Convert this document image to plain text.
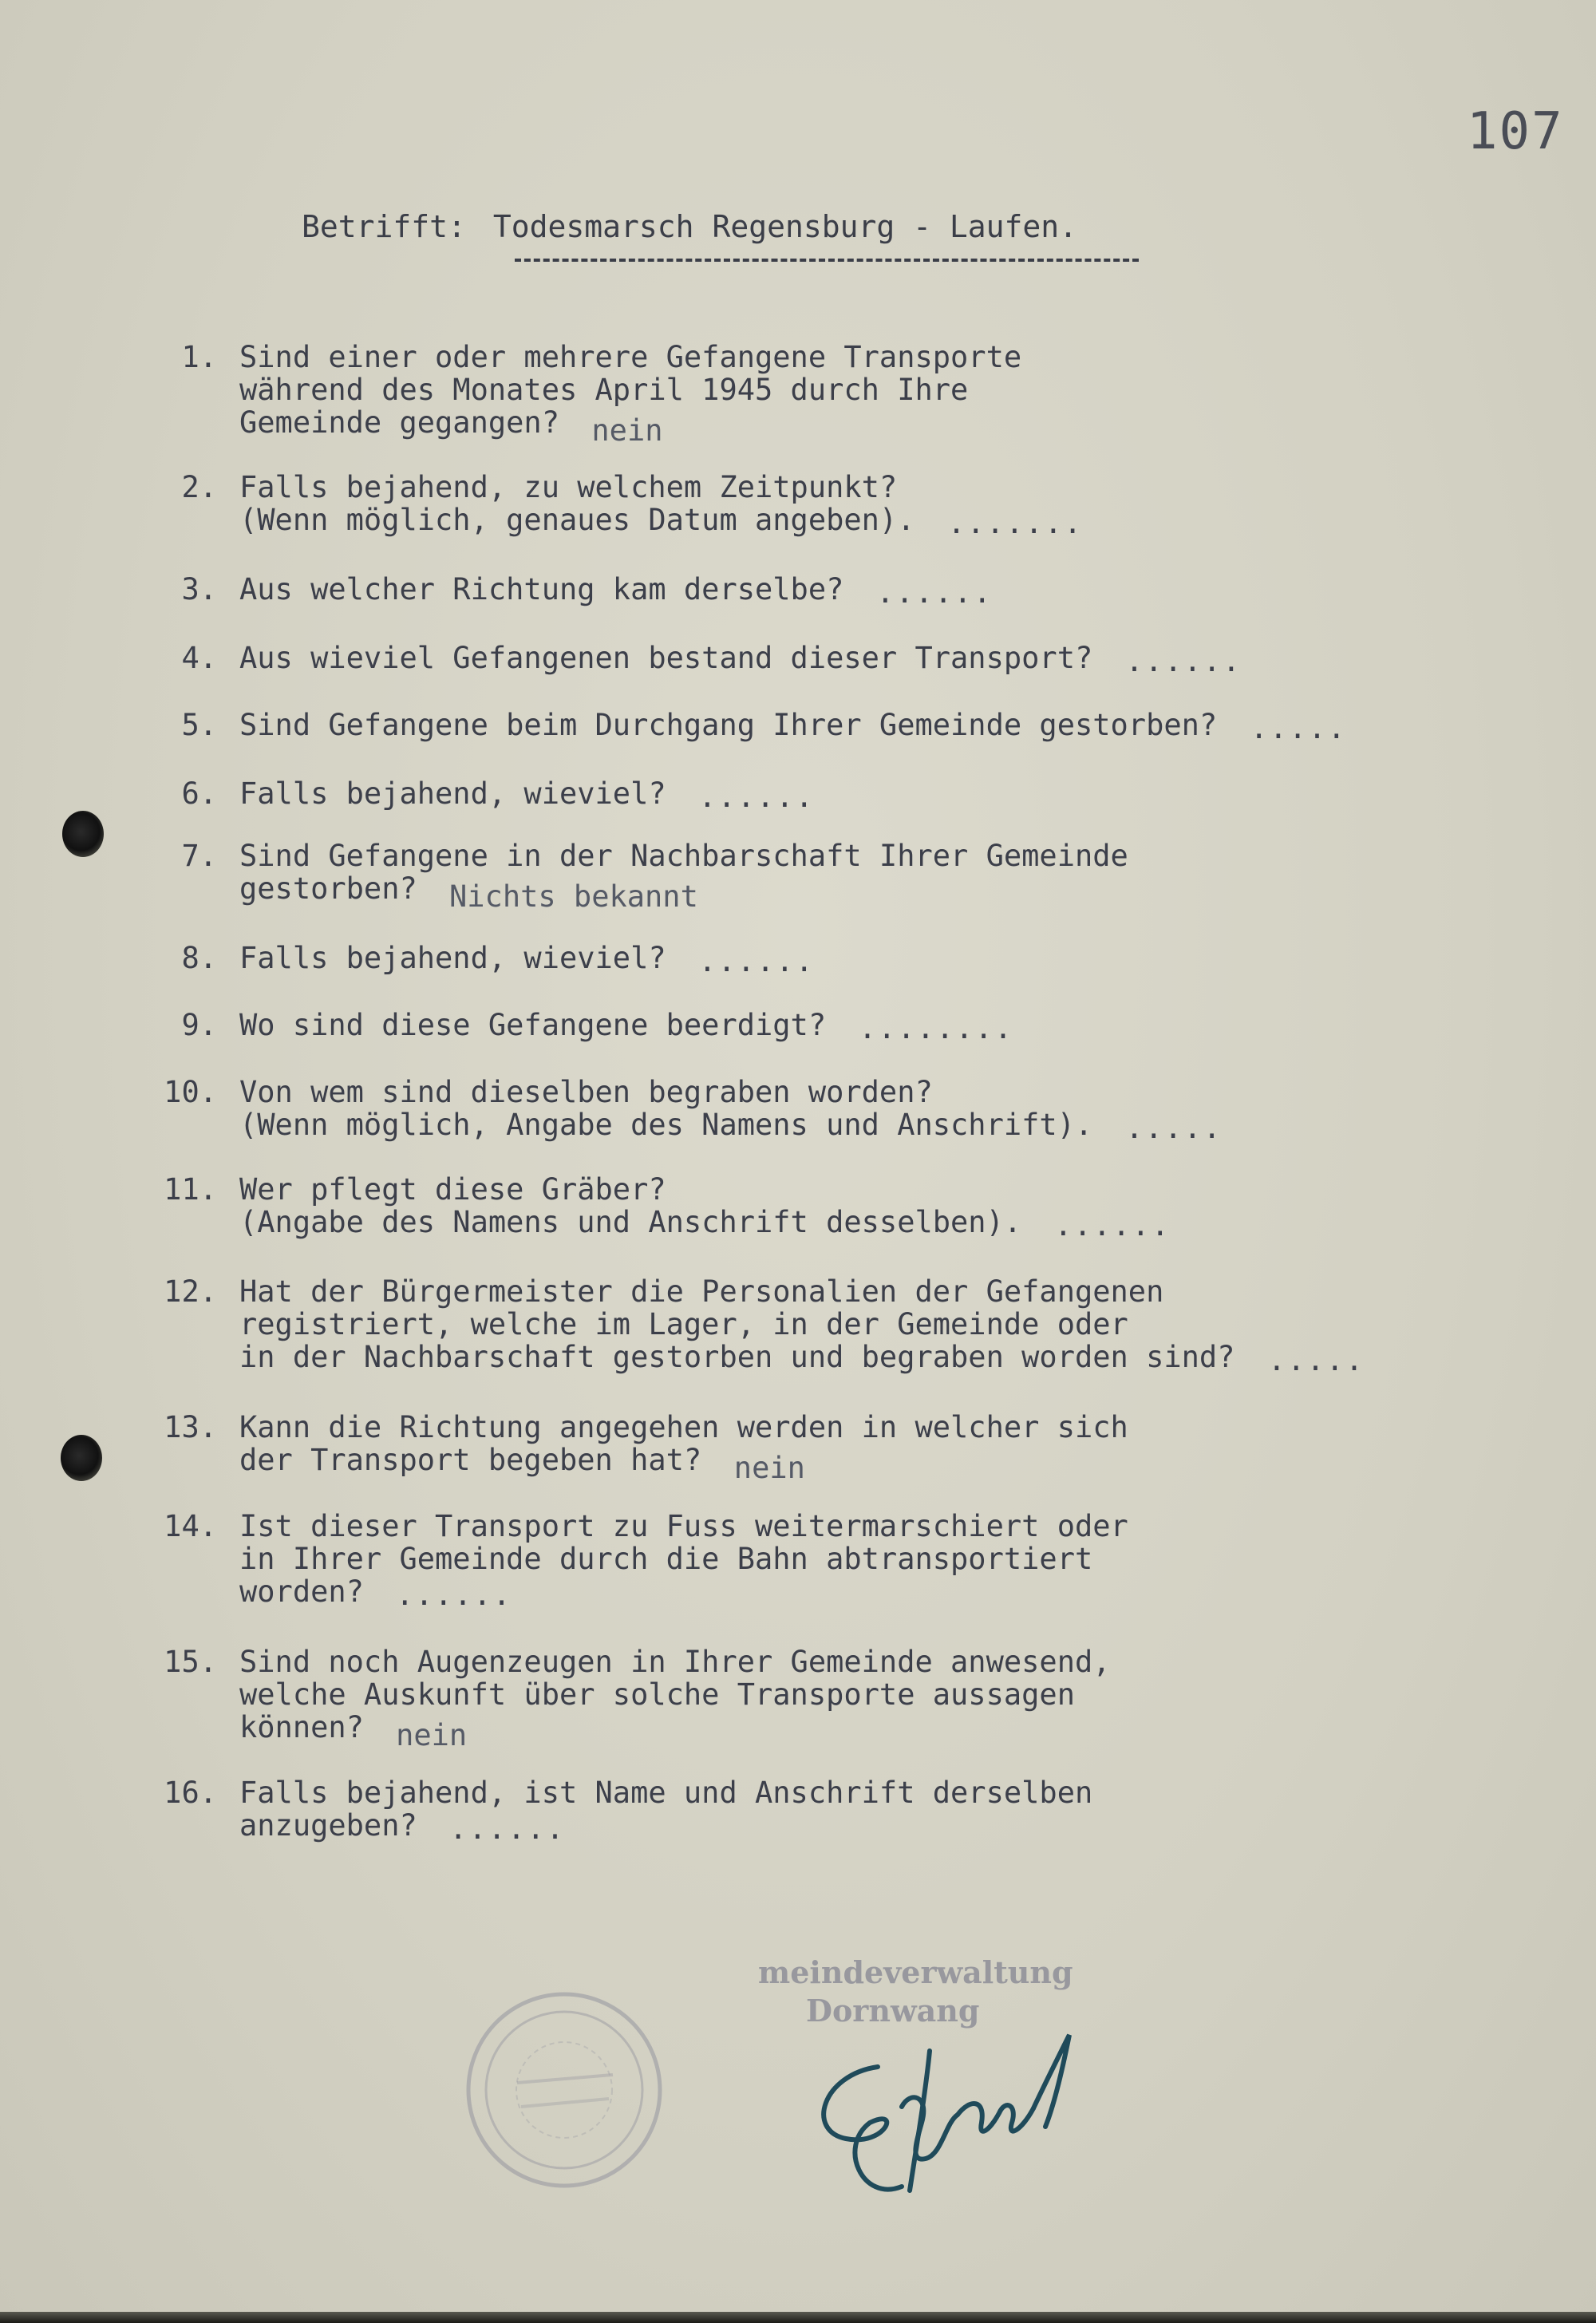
107
Betrifft: Todesmarsch Regensburg - Laufen.
1. Sind einer oder mehrere Gefangene Transporte
während des Monates April 1945 durch Ihre
Gemeinde gegangen? nein
2. Falls bejahend, zu welchem Zeitpunkt?
(Wenn möglich, genaues Datum angeben). .......
3. Aus welcher Richtung kam derselbe? ......
4. Aus wieviel Gefangenen bestand dieser Transport? ......
5. Sind Gefangene beim Durchgang Ihrer Gemeinde gestorben? .....
6. Falls bejahend, wieviel? ......
7. Sind Gefangene in der Nachbarschaft Ihrer Gemeinde
gestorben? Nichts bekannt
8. Falls bejahend, wieviel? ......
9. Wo sind diese Gefangene beerdigt? ........
10. Von wem sind dieselben begraben worden?
(Wenn möglich, Angabe des Namens und Anschrift). .....
11. Wer pflegt diese Gräber?
(Angabe des Namens und Anschrift desselben). ......
12. Hat der Bürgermeister die Personalien der Gefangenen
registriert, welche im Lager, in der Gemeinde oder
in der Nachbarschaft gestorben und begraben worden sind? .....
13. Kann die Richtung angegehen werden in welcher sich
der Transport begeben hat? nein
14. Ist dieser Transport zu Fuss weitermarschiert oder
in Ihrer Gemeinde durch die Bahn abtransportiert
worden? ......
15. Sind noch Augenzeugen in Ihrer Gemeinde anwesend,
welche Auskunft über solche Transporte aussagen
können? nein
16. Falls bejahend, ist Name und Anschrift derselben
anzugeben? ......
meindeverwaltung
Dornwang
